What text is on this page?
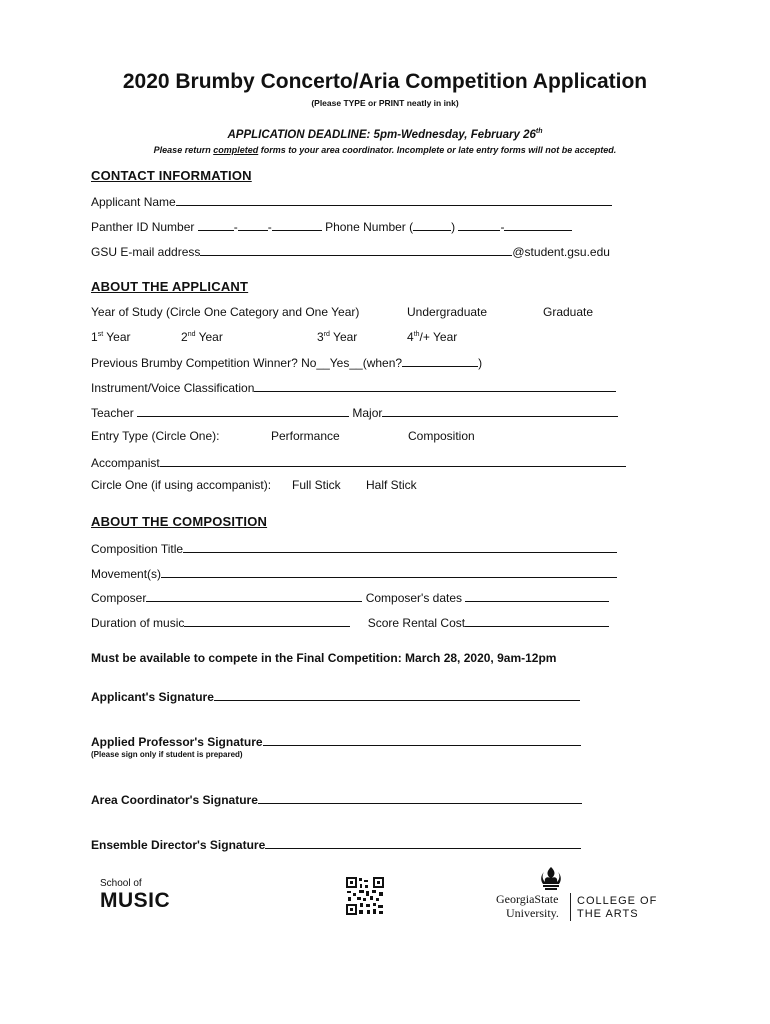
2020 Brumby Concerto/Aria Competition Application
(Please TYPE or PRINT neatly in ink)
APPLICATION DEADLINE: 5pm-Wednesday, February 26th
Please return completed forms to your area coordinator. Incomplete or late entry forms will not be accepted.
CONTACT INFORMATION
Applicant Name
Panther ID Number	-	-	Phone Number (	)	-
GSU E-mail address	@student.gsu.edu
ABOUT THE APPLICANT
Year of Study (Circle One Category and One Year)	Undergraduate	Graduate
1st Year	2nd Year	3rd Year	4th/+ Year
Previous Brumby Competition Winner? No__Yes__(when?	)
Instrument/Voice Classification
Teacher	Major
Entry Type (Circle One):	Performance	Composition
Accompanist
Circle One (if using accompanist): Full Stick Half Stick
ABOUT THE COMPOSITION
Composition Title
Movement(s)
Composer	Composer's dates
Duration of music	Score Rental Cost
Must be available to compete in the Final Competition: March 28, 2020, 9am-12pm
Applicant's Signature
Applied Professor's Signature
(Please sign only if student is prepared)
Area Coordinator's Signature
Ensemble Director's Signature
School of
MUSIC	GeorgiaState
University.
COLLEGE OF
THE ARTS
